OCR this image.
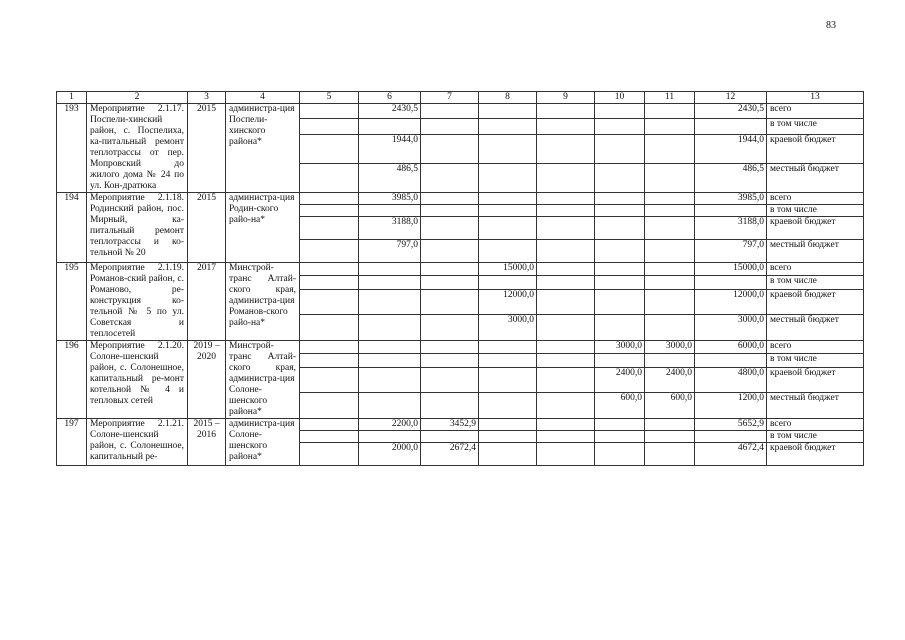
83
1	2	3	4	5	6	7	8	9	10	11	12	13
193	Мероприятие 2.1.17. Поспели-хинский район, с. Поспелиха, ка-питальный ремонт теплотрассы от пер. Мопровский до жилого дома № 24 по ул. Кон-дратюка	2015	администра-ция Поспели-хинского района*		2430,5						2430,5	всего
												в том числе
					1944,0						1944,0	краевой бюджет
					486,5						486,5	местный бюджет
194	Мероприятие 2.1.18. Родинский район, пос. Мирный, ка-питальный ремонт теплотрассы и ко-тельной № 20	2015	администра-ция Родин-ского райо-на*		3985,0						3985,0	всего
												в том числе
					3188,0						3188,0	краевой бюджет
					797,0						797,0	местный бюджет
195	Мероприятие 2.1.19. Романов-ский район, с. Романово, ре-конструкция ко-тельной № 5 по ул. Советская и теплосетей	2017	Минстрой-транс Алтай-ского края, администра-ция Романов-ского райо-на*				15000,0				15000,0	всего
												в том числе
							12000,0				12000,0	краевой бюджет
							3000,0				3000,0	местный бюджет
196	Мероприятие 2.1.20. Солоне-шенский район, с. Солонешное, капитальный ре-монт котельной № 4 и тепловых сетей	2019 – 2020	Минстрой-транс Алтай-ского края, администра-ция Солоне-шенского района*						3000,0	3000,0	6000,0	всего
												в том числе
									2400,0	2400,0	4800,0	краевой бюджет
									600,0	600,0	1200,0	местный бюджет
197	Мероприятие 2.1.21. Солоне-шенский район, с. Солонешное, капитальный ре-	2015 – 2016	администра-ция Солоне-шенского района*		2200,0	3452,9					5652,9	всего
												в том числе
					2000,0	2672,4					4672,4	краевой бюджет
